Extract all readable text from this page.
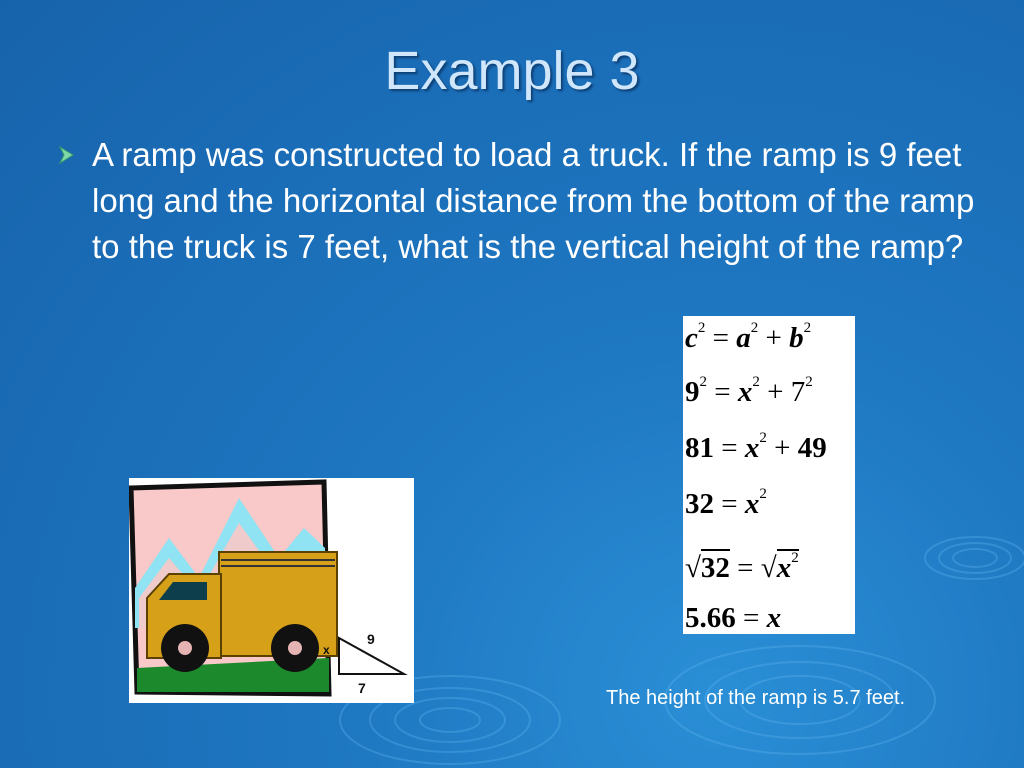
Example 3
A ramp was constructed to load a truck. If the ramp is 9 feet long and the horizontal distance from the bottom of the ramp to the truck is 7 feet, what is the vertical height of the ramp?
$c^2 = a^2 + b^2$
$9^2 = x^2 + 7^2$
$81 = x^2 + 49$
$32 = x^2$
$√32 = √x^2$
5.66 = x
9
x
7	The height of the ramp is 5.7 feet.
